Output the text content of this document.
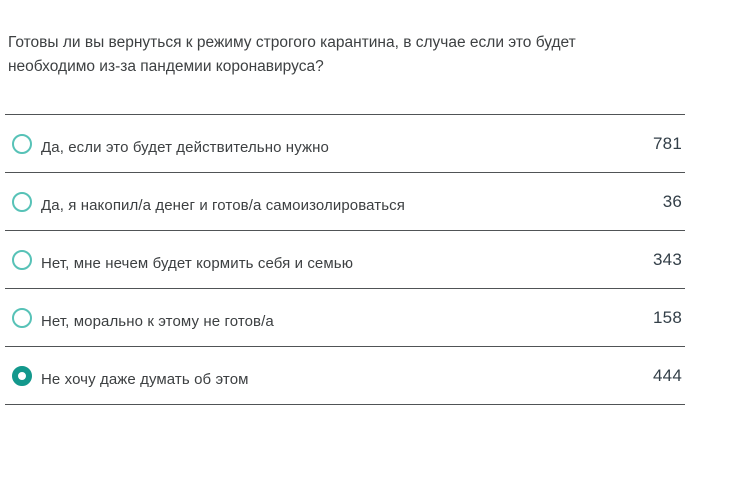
Готовы ли вы вернуться к режиму строгого карантина, в случае если это будет необходимо из-за пандемии коронавируса?
Да, если это будет действительно нужно	781
Да, я накопил/а денег и готов/а самоизолироваться	36
Нет, мне нечем будет кормить себя и семью	343
Нет, морально к этому не готов/а	158
Не хочу даже думать об этом	444
